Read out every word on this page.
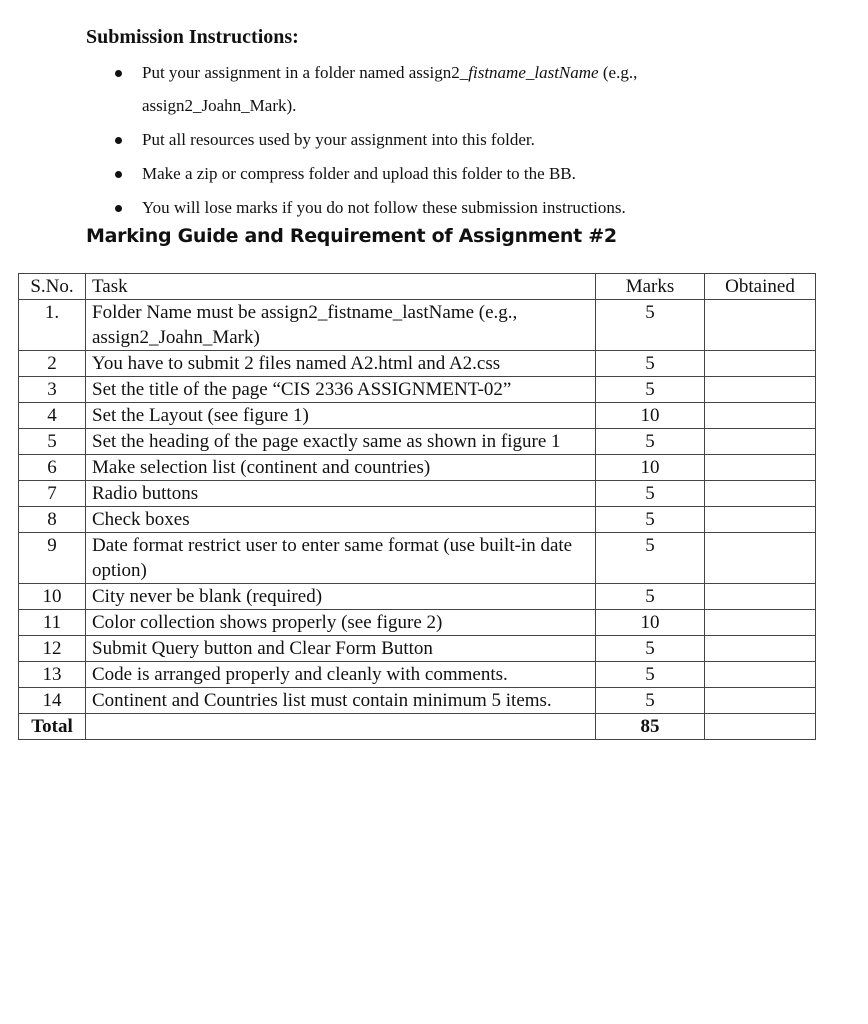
Submission Instructions:
Put your assignment in a folder named assign2_fistname_lastName (e.g., assign2_Joahn_Mark).
Put all resources used by your assignment into this folder.
Make a zip or compress folder and upload this folder to the BB.
You will lose marks if you do not follow these submission instructions.
Marking Guide and Requirement of Assignment #2
S.No.	Task	Marks	Obtained
1.	Folder Name must be assign2_fistname_lastName (e.g., assign2_Joahn_Mark)	5	
2	You have to submit 2 files named A2.html and A2.css	5	
3	Set the title of the page “CIS 2336 ASSIGNMENT-02”	5	
4	Set the Layout (see figure 1)	10	
5	Set the heading of the page exactly same as shown in figure 1	5	
6	Make selection list (continent and countries)	10	
7	Radio buttons	5	
8	Check boxes	5	
9	Date format restrict user to enter same format (use built-in date option)	5	
10	City never be blank (required)	5	
11	Color collection shows properly (see figure 2)	10	
12	Submit Query button and Clear Form Button	5	
13	Code is arranged properly and cleanly with comments.	5	
14	Continent and Countries list must contain minimum 5 items.	5	
Total		85	
